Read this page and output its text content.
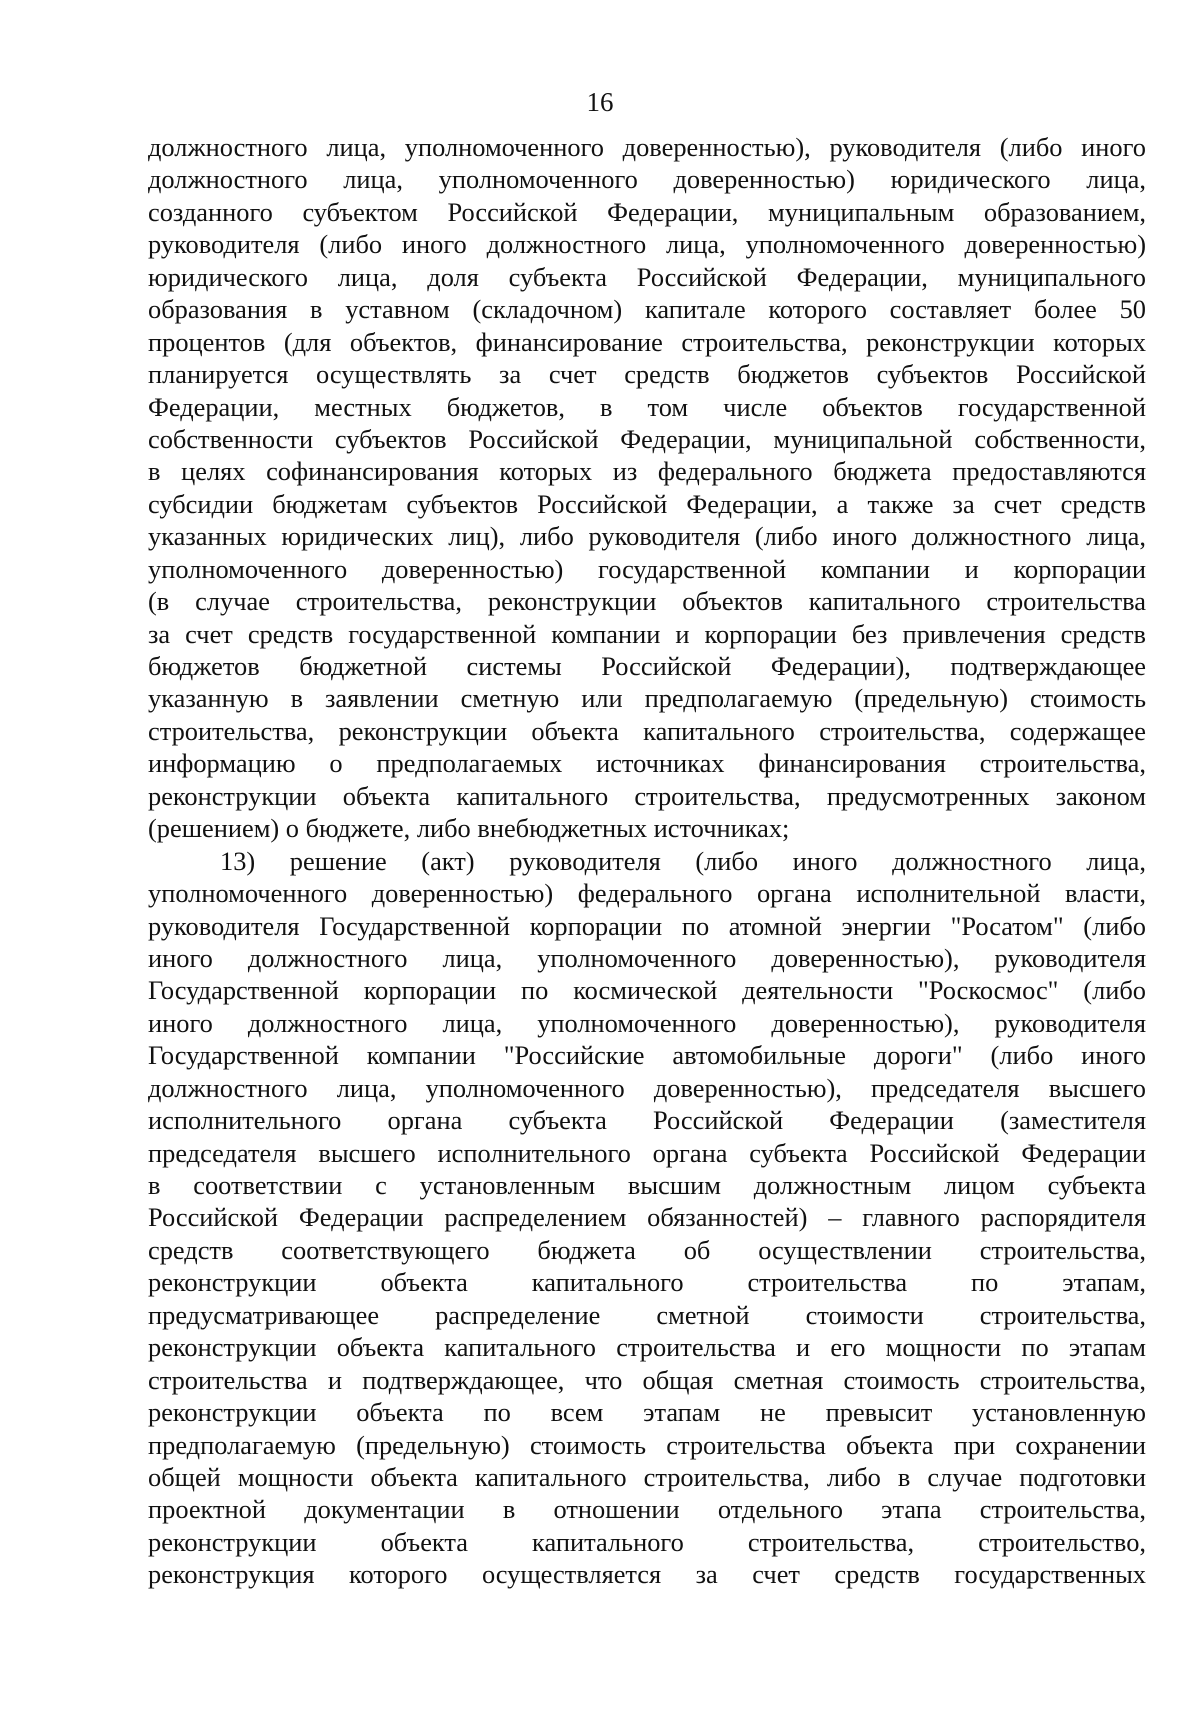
16
должностного лица, уполномоченного доверенностью), руководителя (либо иного
должностного лица, уполномоченного доверенностью) юридического лица,
созданного субъектом Российской Федерации, муниципальным образованием,
руководителя (либо иного должностного лица, уполномоченного доверенностью)
юридического лица, доля субъекта Российской Федерации, муниципального
образования в уставном (складочном) капитале которого составляет более 50
процентов (для объектов, финансирование строительства, реконструкции которых
планируется осуществлять за счет средств бюджетов субъектов Российской
Федерации, местных бюджетов, в том числе объектов государственной
собственности субъектов Российской Федерации, муниципальной собственности,
в целях софинансирования которых из федерального бюджета предоставляются
субсидии бюджетам субъектов Российской Федерации, а также за счет средств
указанных юридических лиц), либо руководителя (либо иного должностного лица,
уполномоченного доверенностью) государственной компании и корпорации
(в случае строительства, реконструкции объектов капитального строительства
за счет средств государственной компании и корпорации без привлечения средств
бюджетов бюджетной системы Российской Федерации), подтверждающее
указанную в заявлении сметную или предполагаемую (предельную) стоимость
строительства, реконструкции объекта капитального строительства, содержащее
информацию о предполагаемых источниках финансирования строительства,
реконструкции объекта капитального строительства, предусмотренных законом
(решением) о бюджете, либо внебюджетных источниках;
13) решение (акт) руководителя (либо иного должностного лица,
уполномоченного доверенностью) федерального органа исполнительной власти,
руководителя Государственной корпорации по атомной энергии "Росатом" (либо
иного должностного лица, уполномоченного доверенностью), руководителя
Государственной корпорации по космической деятельности "Роскосмос" (либо
иного должностного лица, уполномоченного доверенностью), руководителя
Государственной компании "Российские автомобильные дороги" (либо иного
должностного лица, уполномоченного доверенностью), председателя высшего
исполнительного органа субъекта Российской Федерации (заместителя
председателя высшего исполнительного органа субъекта Российской Федерации
в соответствии с установленным высшим должностным лицом субъекта
Российской Федерации распределением обязанностей) – главного распорядителя
средств соответствующего бюджета об осуществлении строительства,
реконструкции объекта капитального строительства по этапам,
предусматривающее распределение сметной стоимости строительства,
реконструкции объекта капитального строительства и его мощности по этапам
строительства и подтверждающее, что общая сметная стоимость строительства,
реконструкции объекта по всем этапам не превысит установленную
предполагаемую (предельную) стоимость строительства объекта при сохранении
общей мощности объекта капитального строительства, либо в случае подготовки
проектной документации в отношении отдельного этапа строительства,
реконструкции объекта капитального строительства, строительство,
реконструкция которого осуществляется за счет средств государственных
